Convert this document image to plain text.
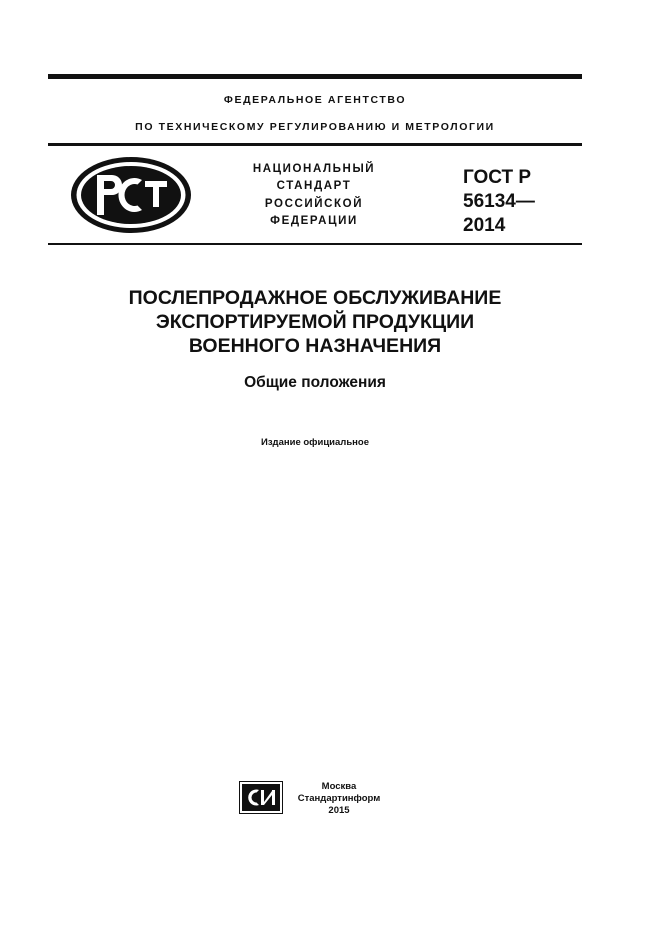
ФЕДЕРАЛЬНОЕ АГЕНТСТВО
ПО ТЕХНИЧЕСКОМУ РЕГУЛИРОВАНИЮ И МЕТРОЛОГИИ
РСТ
НАЦИОНАЛЬНЫЙ
СТАНДАРТ
РОССИЙСКОЙ
ФЕДЕРАЦИИ
ГОСТ Р
56134—
2014
ПОСЛЕПРОДАЖНОЕ ОБСЛУЖИВАНИЕ
ЭКСПОРТИРУЕМОЙ ПРОДУКЦИИ
ВОЕННОГО НАЗНАЧЕНИЯ
Общие положения
Издание официальное
Москва
Стандартинформ
2015
